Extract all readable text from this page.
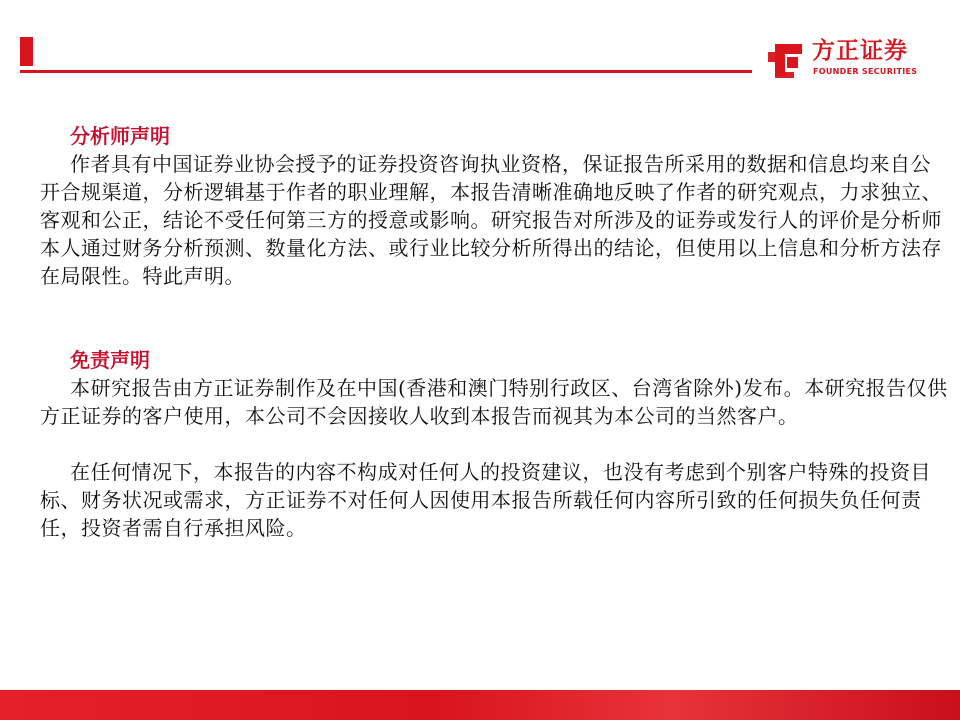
方正证券
FOUNDER SECURITIES

分析师声明

作者具有中国证券业协会授予的证券投资咨询执业资格，保证报告所采用的数据和信息均来自公开合规渠道，分析逻辑基于作者的职业理解，本报告清晰准确地反映了作者的研究观点，力求独立、客观和公正，结论不受任何第三方的授意或影响。研究报告对所涉及的证券或发行人的评价是分析师本人通过财务分析预测、数量化方法、或行业比较分析所得出的结论，但使用以上信息和分析方法存在局限性。特此声明。

免责声明

本研究报告由方正证券制作及在中国(香港和澳门特别行政区、台湾省除外)发布。本研究报告仅供方正证券的客户使用，本公司不会因接收人收到本报告而视其为本公司的当然客户。

在任何情况下，本报告的内容不构成对任何人的投资建议，也没有考虑到个别客户特殊的投资目标、财务状况或需求，方正证券不对任何人因使用本报告所载任何内容所引致的任何损失负任何责任，投资者需自行承担风险。
